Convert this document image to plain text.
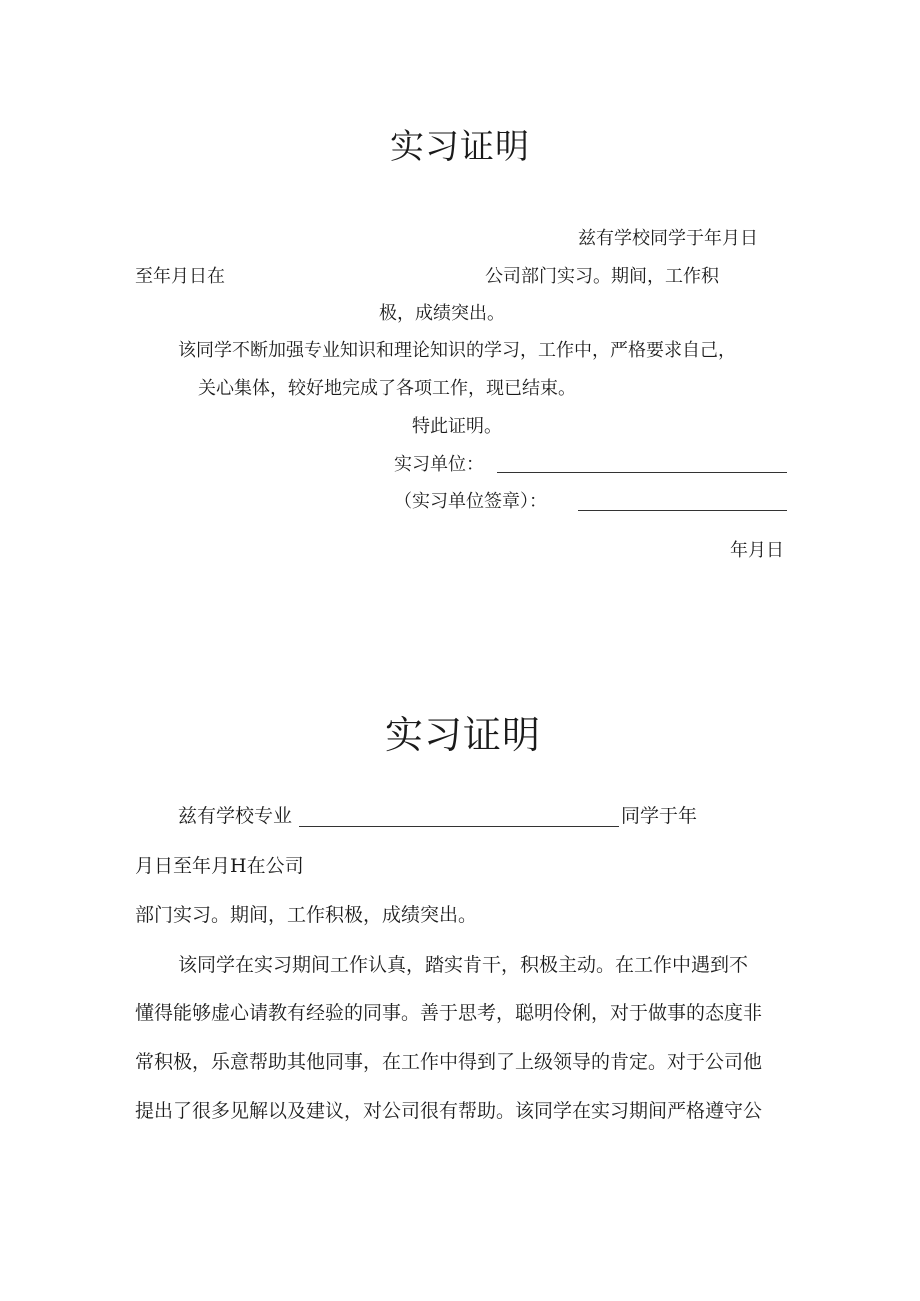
实习证明
兹有学校同学于年月日
至年月日在	公司部门实习。期间，工作积
极，成绩突出。
该同学不断加强专业知识和理论知识的学习，工作中，严格要求自己，
关心集体，较好地完成了各项工作，现已结束。
特此证明。
实习单位：
（实习单位签章）：
年月日
实习证明
兹有学校专业	同学于年
月日至年月H在公司
部门实习。期间，工作积极，成绩突出。
该同学在实习期间工作认真，踏实肯干，积极主动。在工作中遇到不
懂得能够虚心请教有经验的同事。善于思考，聪明伶俐，对于做事的态度非
常积极，乐意帮助其他同事，在工作中得到了上级领导的肯定。对于公司他
提出了很多见解以及建议，对公司很有帮助。该同学在实习期间严格遵守公
